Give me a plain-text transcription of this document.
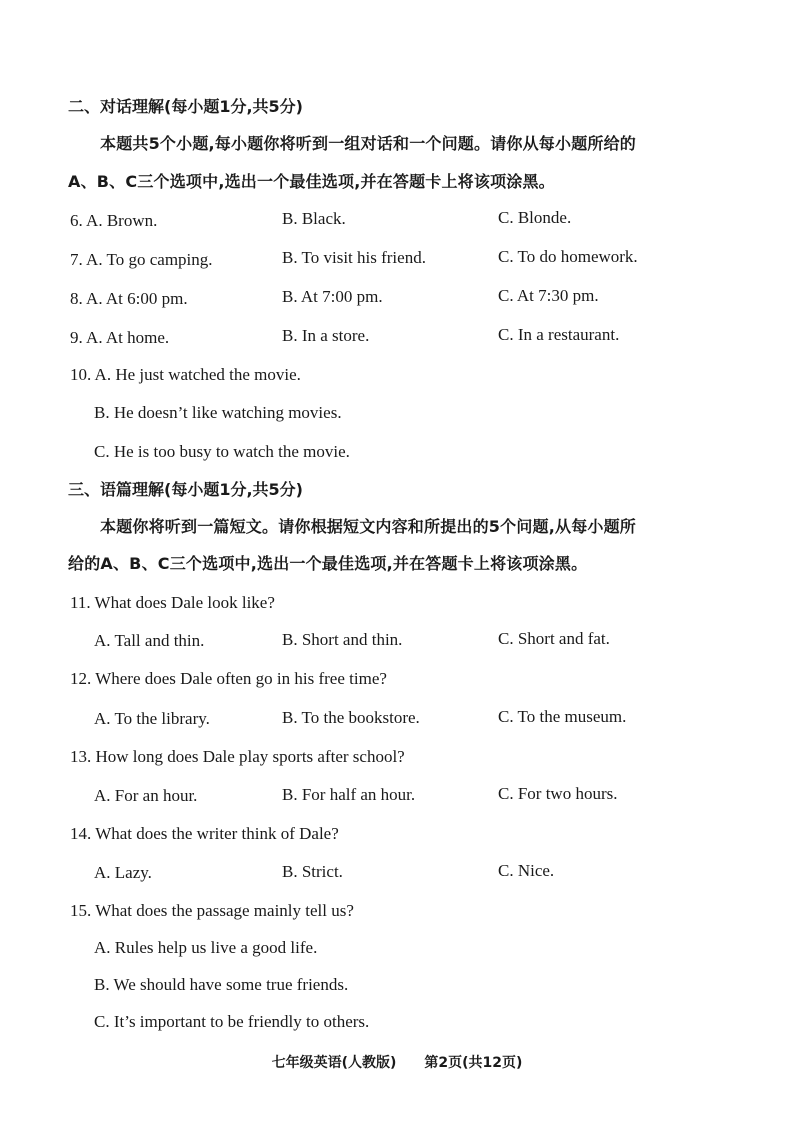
二、对话理解(每小题1分,共5分)
本题共5个小题,每小题你将听到一组对话和一个问题。请你从每小题所给的
A、B、C三个选项中,选出一个最佳选项,并在答题卡上将该项涂黑。
6. A. Brown.	B. Black.	C. Blonde.
7. A. To go camping.	B. To visit his friend.	C. To do homework.
8. A. At 6:00 pm.	B. At 7:00 pm.	C. At 7:30 pm.
9. A. At home.	B. In a store.	C. In a restaurant.
10. A. He just watched the movie.
B. He doesn’t like watching movies.
C. He is too busy to watch the movie.
三、语篇理解(每小题1分,共5分)
本题你将听到一篇短文。请你根据短文内容和所提出的5个问题,从每小题所
给的A、B、C三个选项中,选出一个最佳选项,并在答题卡上将该项涂黑。
11. What does Dale look like?
A. Tall and thin.	B. Short and thin.	C. Short and fat.
12. Where does Dale often go in his free time?
A. To the library.	B. To the bookstore.	C. To the museum.
13. How long does Dale play sports after school?
A. For an hour.	B. For half an hour.	C. For two hours.
14. What does the writer think of Dale?
A. Lazy.	B. Strict.	C. Nice.
15. What does the passage mainly tell us?
A. Rules help us live a good life.
B. We should have some true friends.
C. It’s important to be friendly to others.
七年级英语(人教版) 第2页(共12页)
